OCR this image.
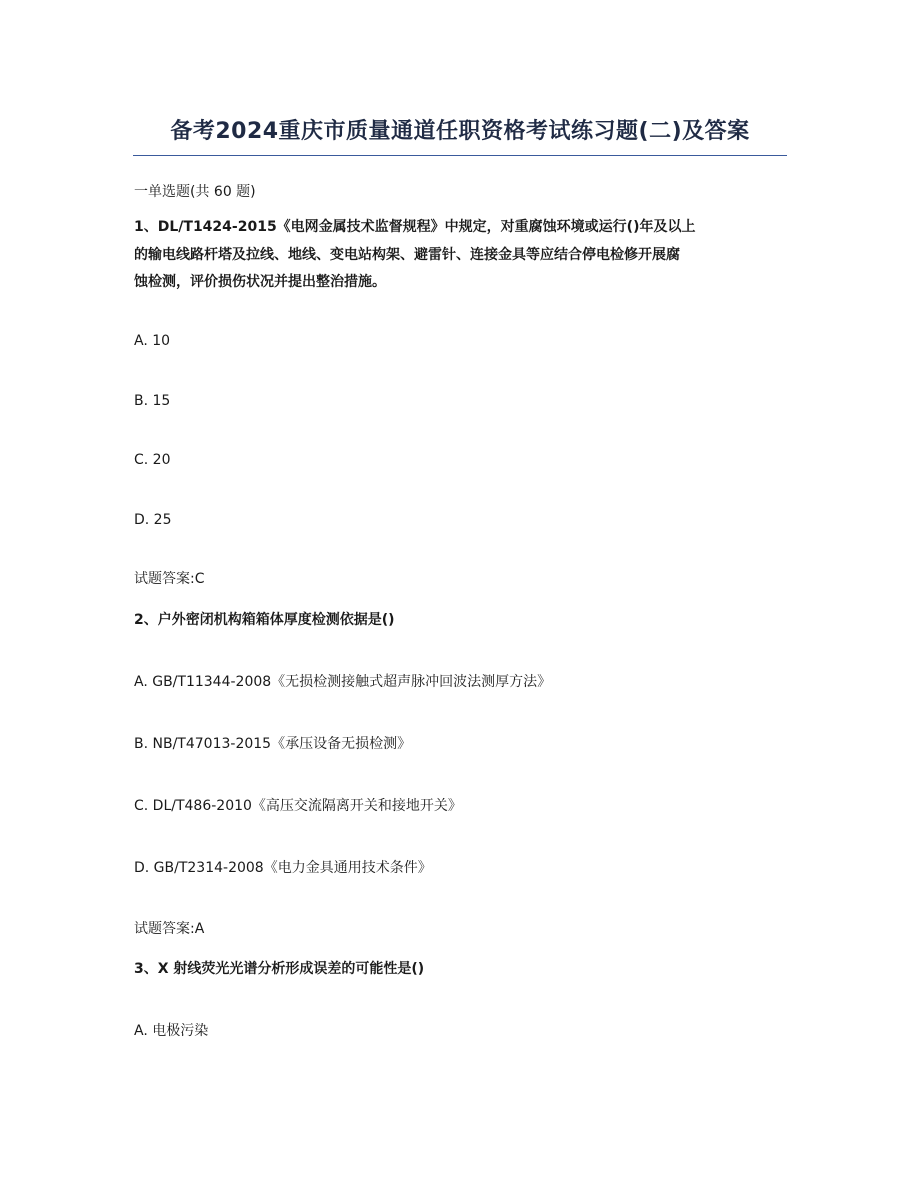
备考2024重庆市质量通道任职资格考试练习题(二)及答案
一单选题(共 60 题)
1、DL/T1424-2015《电网金属技术监督规程》中规定，对重腐蚀环境或运行()年及以上
的输电线路杆塔及拉线、地线、变电站构架、避雷针、连接金具等应结合停电检修开展腐
蚀检测，评价损伤状况并提出整治措施。
A. 10
B. 15
C. 20
D. 25
试题答案:C
2、户外密闭机构箱箱体厚度检测依据是()
A. GB/T11344-2008《无损检测接触式超声脉冲回波法测厚方法》
B. NB/T47013-2015《承压设备无损检测》
C. DL/T486-2010《高压交流隔离开关和接地开关》
D. GB/T2314-2008《电力金具通用技术条件》
试题答案:A
3、X 射线荧光光谱分析形成误差的可能性是()
A. 电极污染
